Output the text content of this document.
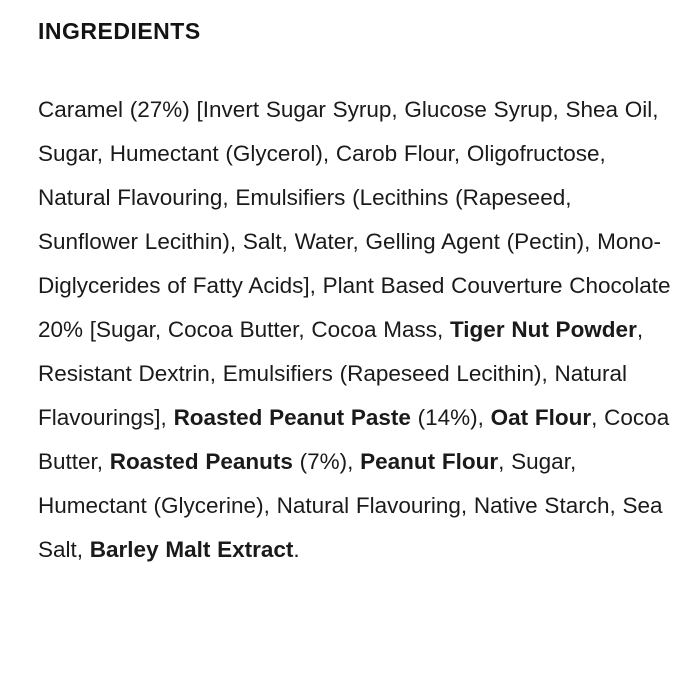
INGREDIENTS

Caramel (27%) [Invert Sugar Syrup, Glucose Syrup, Shea Oil, Sugar, Humectant (Glycerol), Carob Flour, Oligofructose, Natural Flavouring, Emulsifiers (Lecithins (Rapeseed, Sunflower Lecithin), Salt, Water, Gelling Agent (Pectin), Mono-Diglycerides of Fatty Acids], Plant Based Couverture Chocolate 20% [Sugar, Cocoa Butter, Cocoa Mass, Tiger Nut Powder, Resistant Dextrin, Emulsifiers (Rapeseed Lecithin), Natural Flavourings], Roasted Peanut Paste (14%), Oat Flour, Cocoa Butter, Roasted Peanuts (7%), Peanut Flour, Sugar, Humectant (Glycerine), Natural Flavouring, Native Starch, Sea Salt, Barley Malt Extract.
